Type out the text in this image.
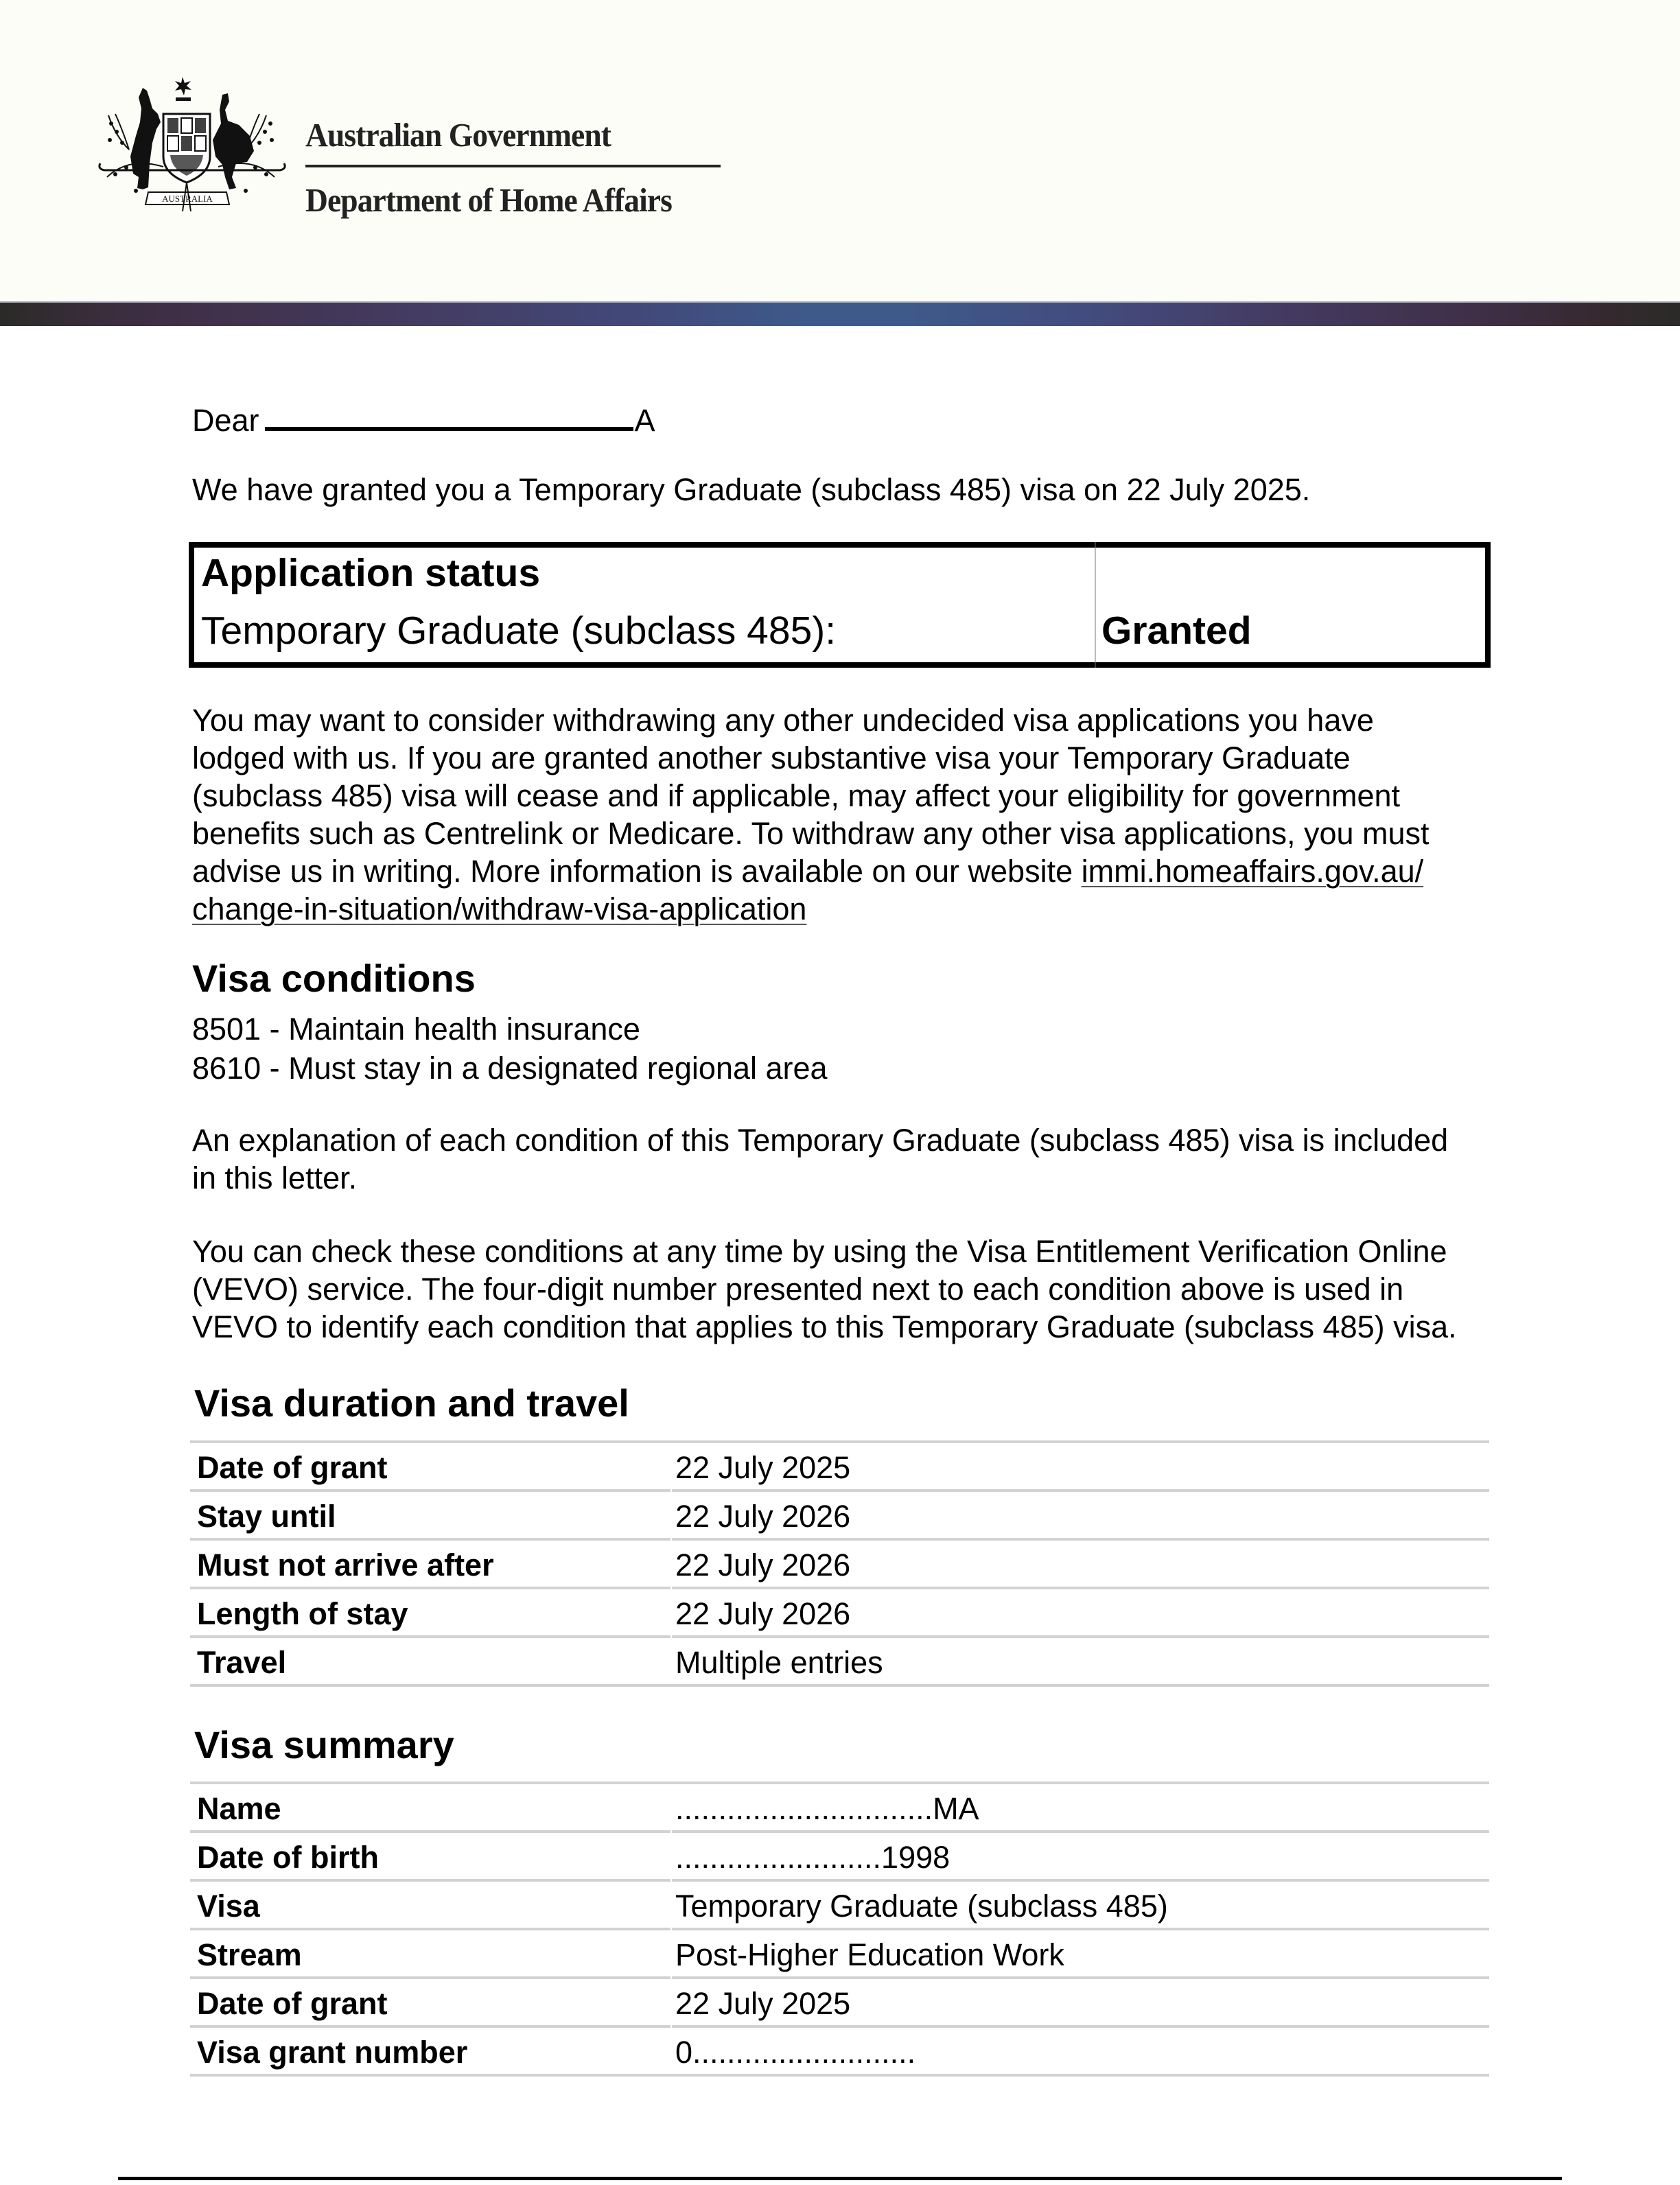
AUSTRALIA
Australian Government
Department of Home Affairs
Dear	A
We have granted you a Temporary Graduate (subclass 485) visa on 22 July 2025.
Application status
Temporary Graduate (subclass 485):	Granted
You may want to consider withdrawing any other undecided visa applications you have
lodged with us. If you are granted another substantive visa your Temporary Graduate
(subclass 485) visa will cease and if applicable, may affect your eligibility for government
benefits such as Centrelink or Medicare. To withdraw any other visa applications, you must
advise us in writing. More information is available on our website immi.homeaffairs.gov.au/
change-in-situation/withdraw-visa-application
Visa conditions
8501 - Maintain health insurance
8610 - Must stay in a designated regional area
An explanation of each condition of this Temporary Graduate (subclass 485) visa is included
in this letter.
You can check these conditions at any time by using the Visa Entitlement Verification Online
(VEVO) service. The four-digit number presented next to each condition above is used in
VEVO to identify each condition that applies to this Temporary Graduate (subclass 485) visa.
Visa duration and travel
Date of grant	22 July 2025
Stay until	22 July 2026
Must not arrive after	22 July 2026
Length of stay	22 July 2026
Travel	Multiple entries
Visa summary
Name	..............................MA
Date of birth	........................1998
Visa	Temporary Graduate (subclass 485)
Stream	Post-Higher Education Work
Date of grant	22 July 2025
Visa grant number	0..........................
